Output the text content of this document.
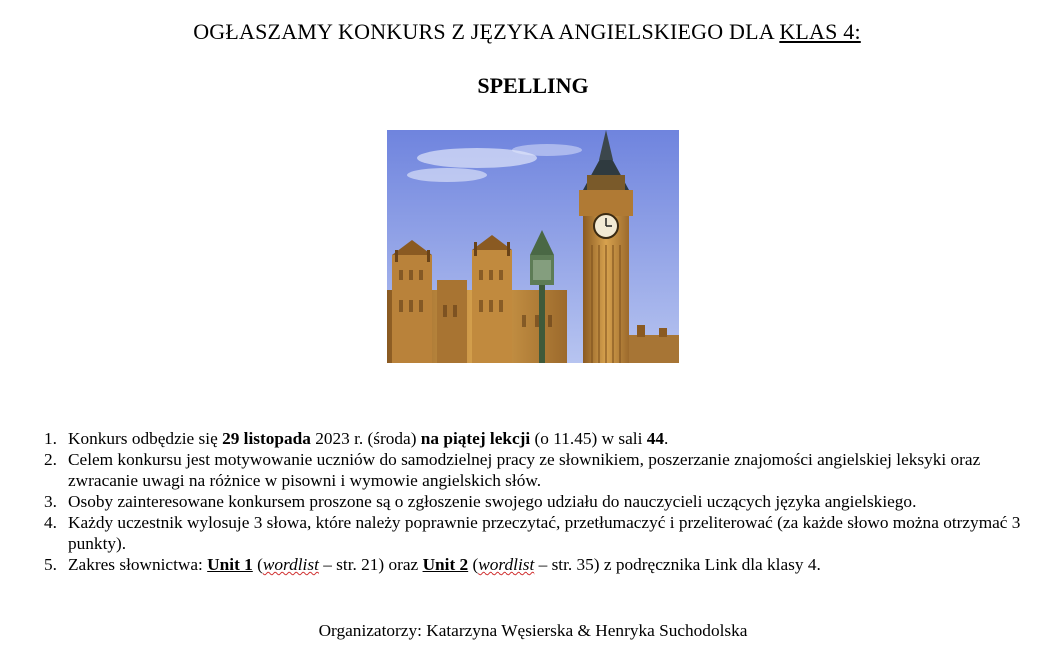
OGŁASZAMY KONKURS Z JĘZYKA ANGIELSKIEGO DLA KLAS 4:
SPELLING
1. Konkurs odbędzie się 29 listopada 2023 r. (środa) na piątej lekcji (o 11.45) w sali 44.
2. Celem konkursu jest motywowanie uczniów do samodzielnej pracy ze słownikiem, poszerzanie znajomości angielskiej leksyki oraz zwracanie uwagi na różnice w pisowni i wymowie angielskich słów.
3. Osoby zainteresowane konkursem proszone są o zgłoszenie swojego udziału do nauczycieli uczących języka angielskiego.
4. Każdy uczestnik wylosuje 3 słowa, które należy poprawnie przeczytać, przetłumaczyć i przeliterować (za każde słowo można otrzymać 3 punkty).
5. Zakres słownictwa: Unit 1 (wordlist – str. 21) oraz Unit 2 (wordlist – str. 35) z podręcznika Link dla klasy 4.
Organizatorzy: Katarzyna Węsierska & Henryka Suchodolska
